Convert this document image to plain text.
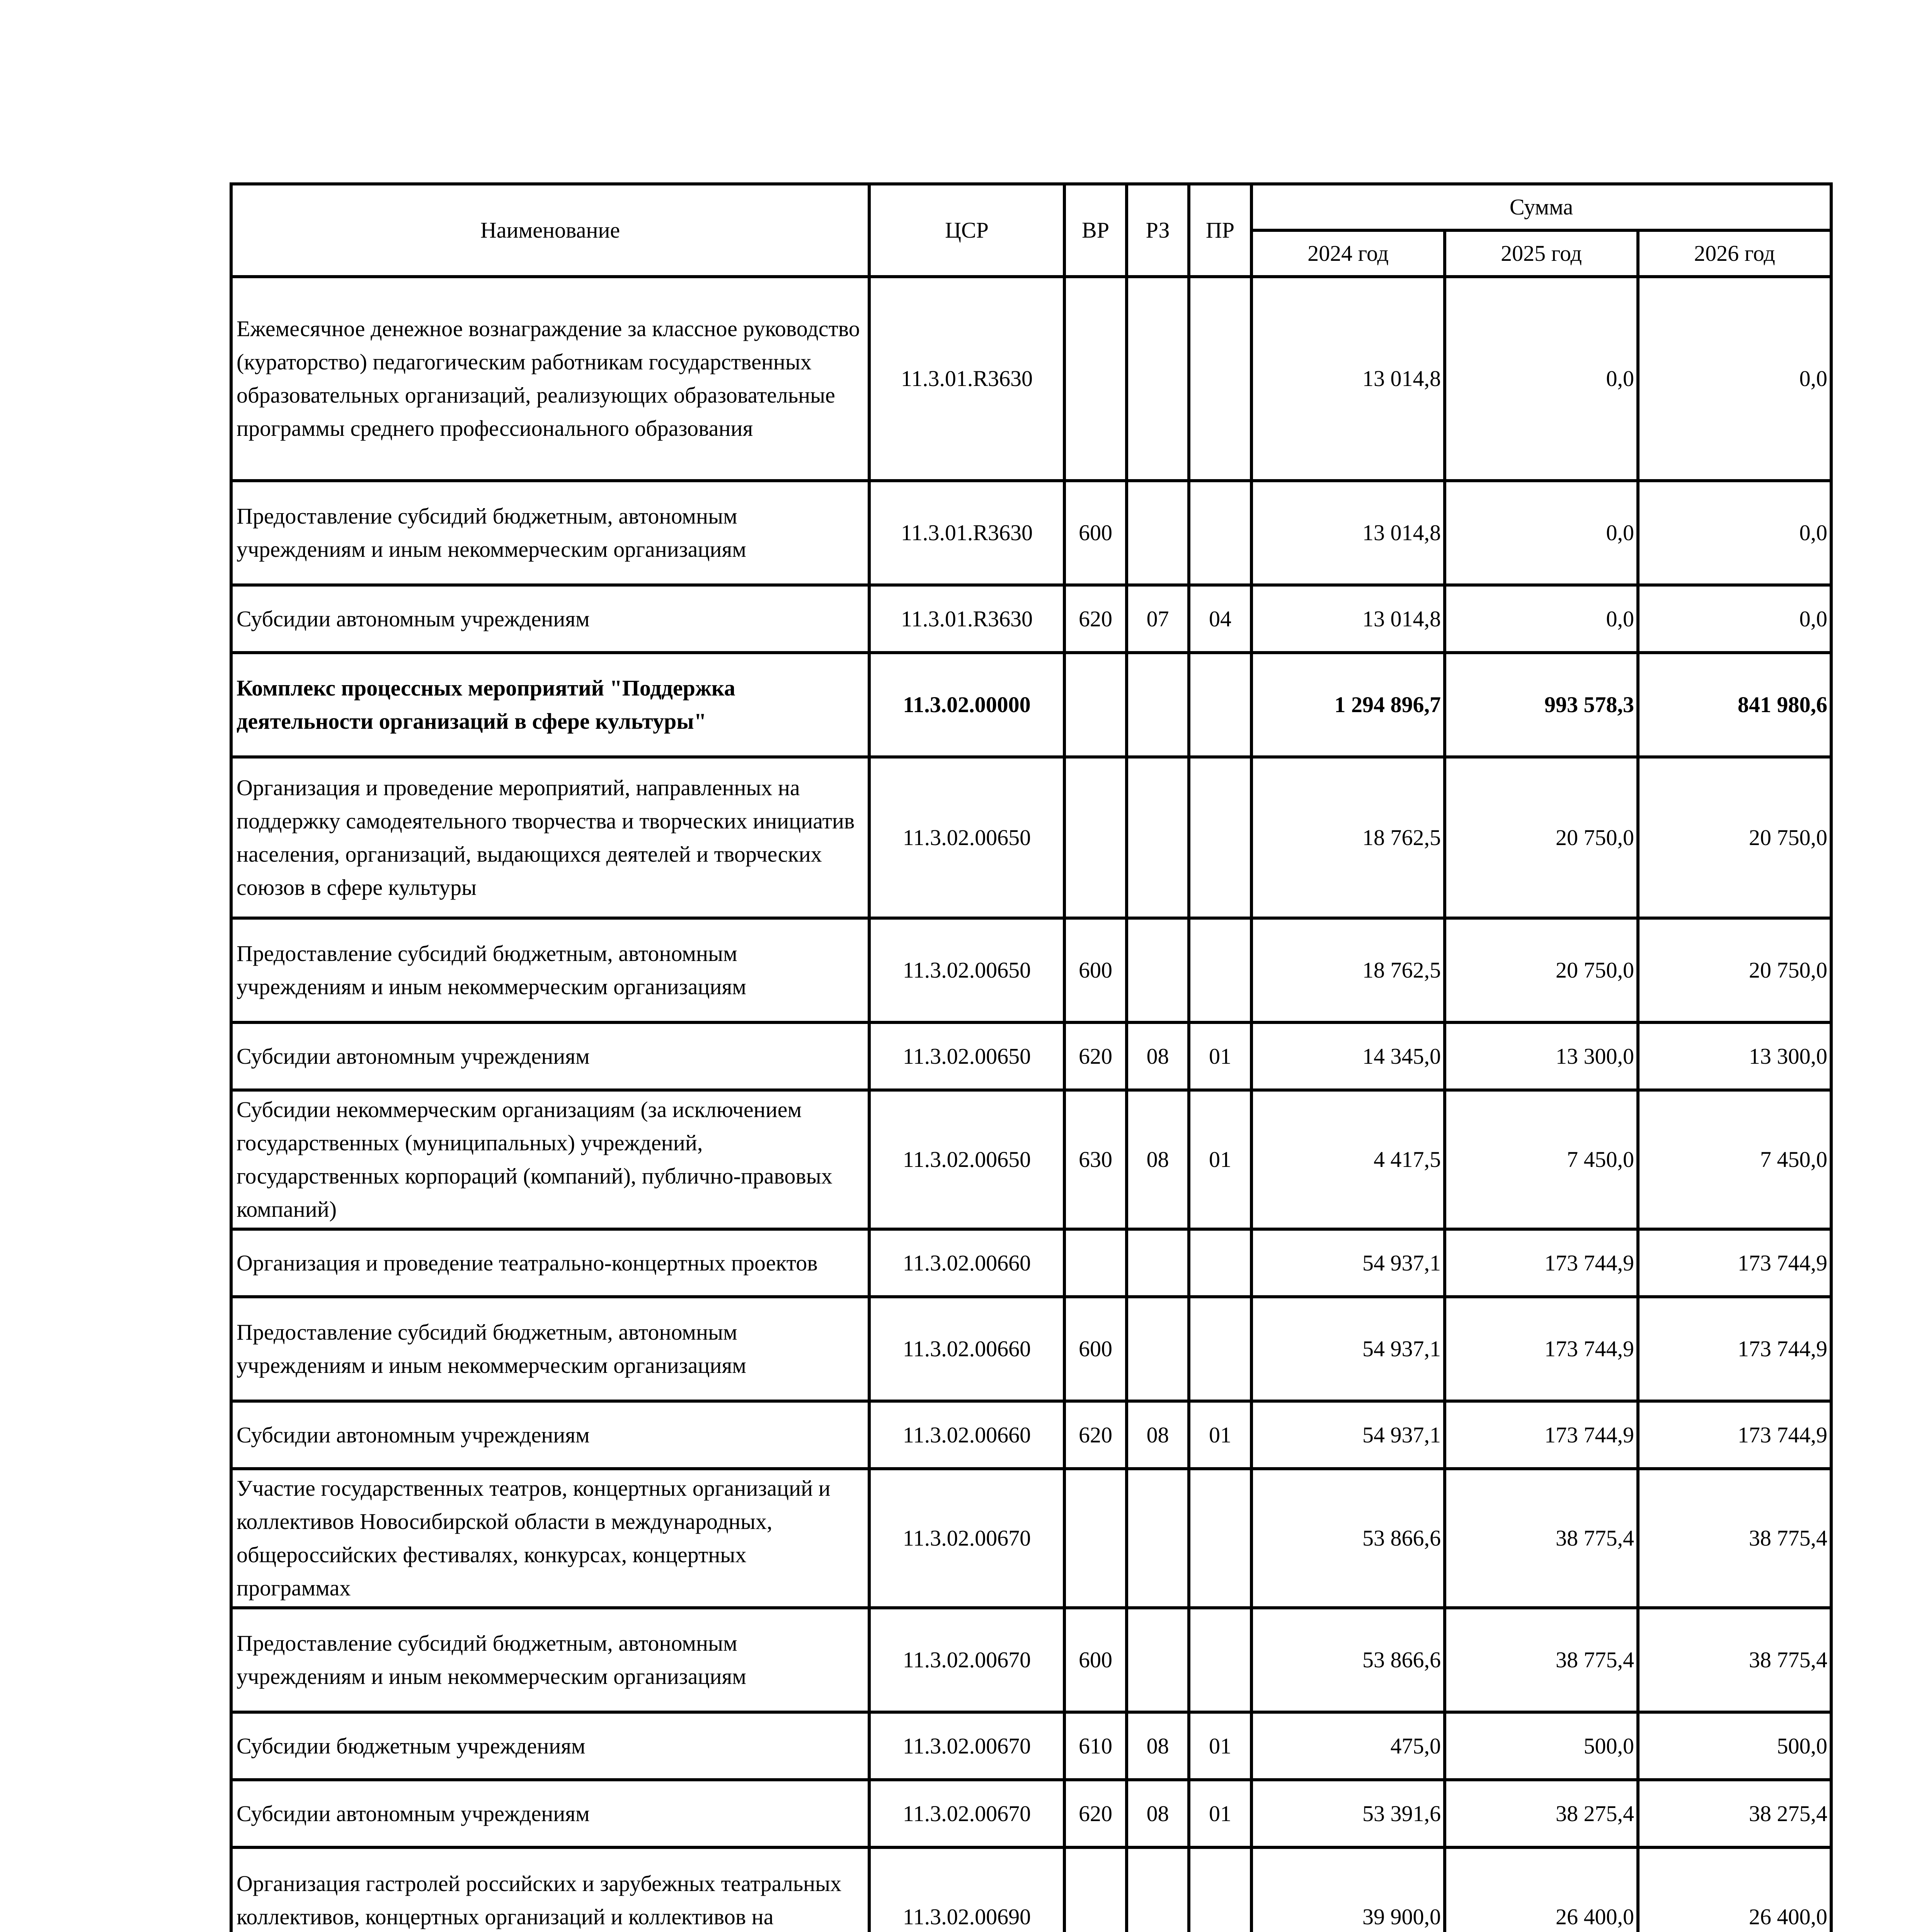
Наименование	ЦСР	ВР	РЗ	ПР	Сумма		
					2024 год	2025 год	2026 год
Ежемесячное денежное вознаграждение за классное руководство (кураторство) педагогическим работникам государственных образовательных организаций, реализующих образовательные программы среднего профессионального образования	11.3.01.R3630				13 014,8	0,0	0,0
Предоставление субсидий бюджетным, автономным учреждениям и иным некоммерческим организациям	11.3.01.R3630	600			13 014,8	0,0	0,0
Субсидии автономным учреждениям	11.3.01.R3630	620	07	04	13 014,8	0,0	0,0
Комплекс процессных мероприятий "Поддержка деятельности организаций в сфере культуры"	11.3.02.00000				1 294 896,7	993 578,3	841 980,6
Организация и проведение мероприятий, направленных на поддержку самодеятельного творчества и творческих инициатив населения, организаций, выдающихся деятелей и творческих союзов в сфере культуры	11.3.02.00650				18 762,5	20 750,0	20 750,0
Предоставление субсидий бюджетным, автономным учреждениям и иным некоммерческим организациям	11.3.02.00650	600			18 762,5	20 750,0	20 750,0
Субсидии автономным учреждениям	11.3.02.00650	620	08	01	14 345,0	13 300,0	13 300,0
Субсидии некоммерческим организациям (за исключением государственных (муниципальных) учреждений, государственных корпораций (компаний), публично-правовых компаний)	11.3.02.00650	630	08	01	4 417,5	7 450,0	7 450,0
Организация и проведение театрально-концертных проектов	11.3.02.00660				54 937,1	173 744,9	173 744,9
Предоставление субсидий бюджетным, автономным учреждениям и иным некоммерческим организациям	11.3.02.00660	600			54 937,1	173 744,9	173 744,9
Субсидии автономным учреждениям	11.3.02.00660	620	08	01	54 937,1	173 744,9	173 744,9
Участие государственных театров, концертных организаций и коллективов Новосибирской области в международных, общероссийских фестивалях, конкурсах, концертных программах	11.3.02.00670				53 866,6	38 775,4	38 775,4
Предоставление субсидий бюджетным, автономным учреждениям и иным некоммерческим организациям	11.3.02.00670	600			53 866,6	38 775,4	38 775,4
Субсидии бюджетным учреждениям	11.3.02.00670	610	08	01	475,0	500,0	500,0
Субсидии автономным учреждениям	11.3.02.00670	620	08	01	53 391,6	38 275,4	38 275,4
Организация гастролей российских и зарубежных театральных коллективов, концертных организаций и коллективов на	11.3.02.00690				39 900,0	26 400,0	26 400,0
